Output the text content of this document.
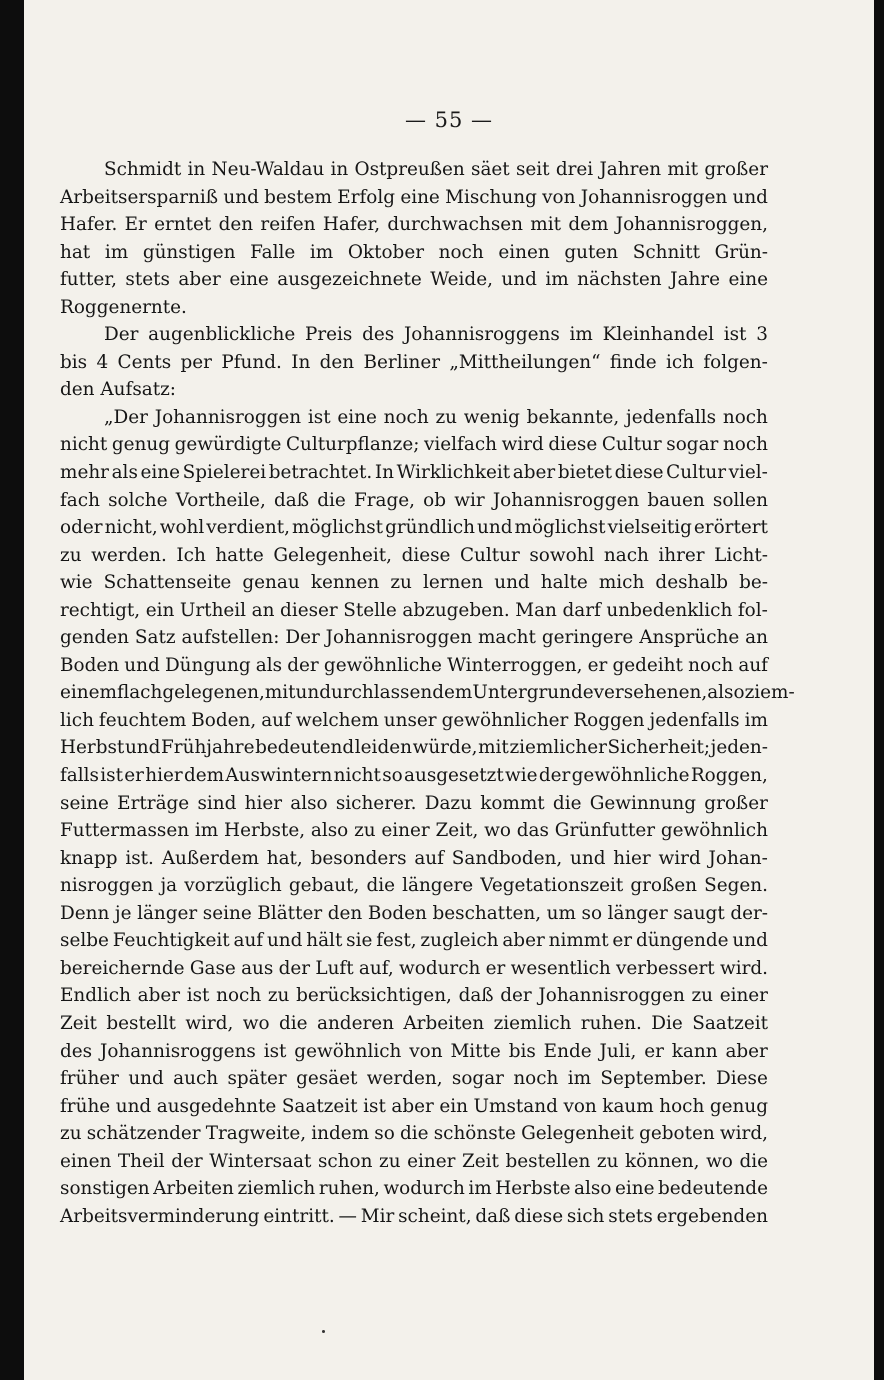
— 55 —
Schmidt in Neu-Waldau in Ostpreußen säet seit drei Jahren mit großer
Arbeitsersparniß und bestem Erfolg eine Mischung von Johannisroggen und
Hafer. Er erntet den reifen Hafer, durchwachsen mit dem Johannisroggen,
hat im günstigen Falle im Oktober noch einen guten Schnitt Grün-
futter, stets aber eine ausgezeichnete Weide, und im nächsten Jahre eine
Roggenernte.
Der augenblickliche Preis des Johannisroggens im Kleinhandel ist 3
bis 4 Cents per Pfund. In den Berliner „Mittheilungen“ finde ich folgen-
den Aufsatz:
„Der Johannisroggen ist eine noch zu wenig bekannte, jedenfalls noch
nicht genug gewürdigte Culturpflanze; vielfach wird diese Cultur sogar noch
mehr als eine Spielerei betrachtet. In Wirklichkeit aber bietet diese Cultur viel-
fach solche Vortheile, daß die Frage, ob wir Johannisroggen bauen sollen
oder nicht, wohl verdient, möglichst gründlich und möglichst vielseitig erörtert
zu werden. Ich hatte Gelegenheit, diese Cultur sowohl nach ihrer Licht-
wie Schattenseite genau kennen zu lernen und halte mich deshalb be-
rechtigt, ein Urtheil an dieser Stelle abzugeben. Man darf unbedenklich fol-
genden Satz aufstellen: Der Johannisroggen macht geringere Ansprüche an
Boden und Düngung als der gewöhnliche Winterroggen, er gedeiht noch auf
einem flach gelegenen, mit undurchlassendem Untergrunde versehenen, also ziem-
lich feuchtem Boden, auf welchem unser gewöhnlicher Roggen jedenfalls im
Herbst und Frühjahre bedeutend leiden würde, mit ziemlicher Sicherheit; jeden-
falls ist er hier dem Auswintern nicht so ausgesetzt wie der gewöhnliche Roggen,
seine Erträge sind hier also sicherer. Dazu kommt die Gewinnung großer
Futtermassen im Herbste, also zu einer Zeit, wo das Grünfutter gewöhnlich
knapp ist. Außerdem hat, besonders auf Sandboden, und hier wird Johan-
nisroggen ja vorzüglich gebaut, die längere Vegetationszeit großen Segen.
Denn je länger seine Blätter den Boden beschatten, um so länger saugt der-
selbe Feuchtigkeit auf und hält sie fest, zugleich aber nimmt er düngende und
bereichernde Gase aus der Luft auf, wodurch er wesentlich verbessert wird.
Endlich aber ist noch zu berücksichtigen, daß der Johannisroggen zu einer
Zeit bestellt wird, wo die anderen Arbeiten ziemlich ruhen. Die Saatzeit
des Johannisroggens ist gewöhnlich von Mitte bis Ende Juli, er kann aber
früher und auch später gesäet werden, sogar noch im September. Diese
frühe und ausgedehnte Saatzeit ist aber ein Umstand von kaum hoch genug
zu schätzender Tragweite, indem so die schönste Gelegenheit geboten wird,
einen Theil der Wintersaat schon zu einer Zeit bestellen zu können, wo die
sonstigen Arbeiten ziemlich ruhen, wodurch im Herbste also eine bedeutende
Arbeitsverminderung eintritt. — Mir scheint, daß diese sich stets ergebenden
